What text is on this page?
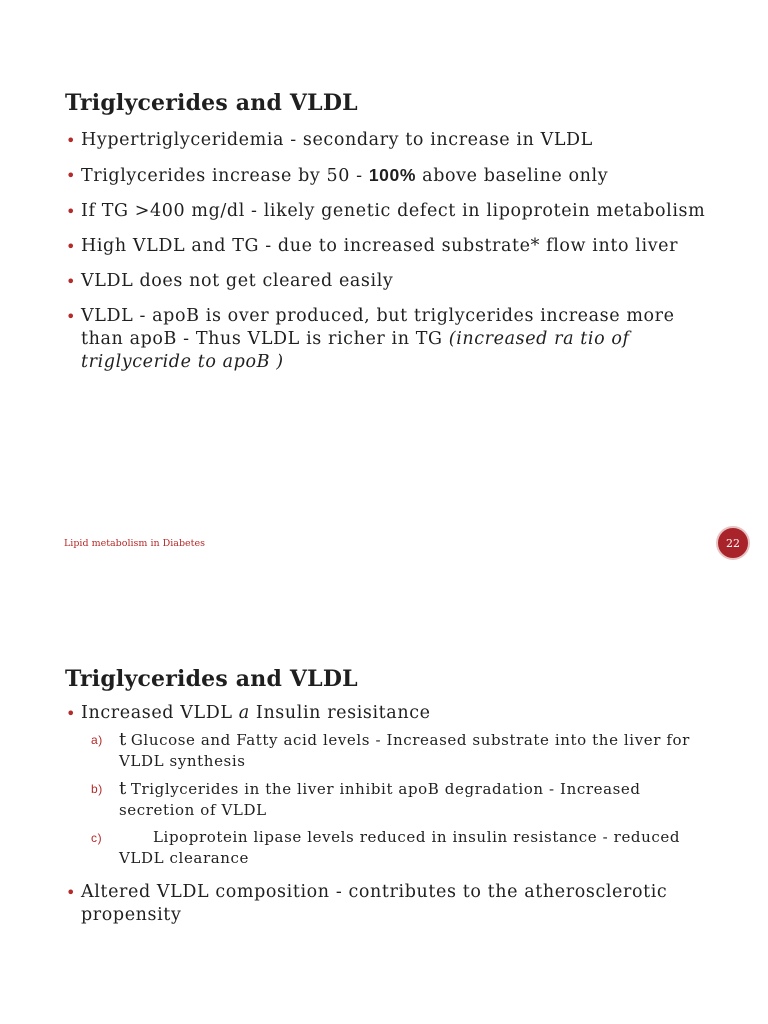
Triglycerides and VLDL
• Hypertriglyceridemia - secondary to increase in VLDL
• Triglycerides increase by 50 - 100% above baseline only
• If TG >400 mg/dl - likely genetic defect in lipoprotein metabolism
• High VLDL and TG - due to increased substrate* flow into liver
• VLDL does not get cleared easily
• VLDL - apoB is over produced, but triglycerides increase more than apoB - Thus VLDL is richer in TG (increased ra tio of triglyceride to apoB )
Lipid metabolism in Diabetes	22
Triglycerides and VLDL
• Increased VLDL a Insulin resisitance
a) t Glucose and Fatty acid levels - Increased substrate into the liver for VLDL synthesis
b) t Triglycerides in the liver inhibit apoB degradation - Increased secretion of VLDL
c)	Lipoprotein lipase levels reduced in insulin resistance - reduced VLDL clearance
• Altered VLDL composition - contributes to the atherosclerotic propensity
